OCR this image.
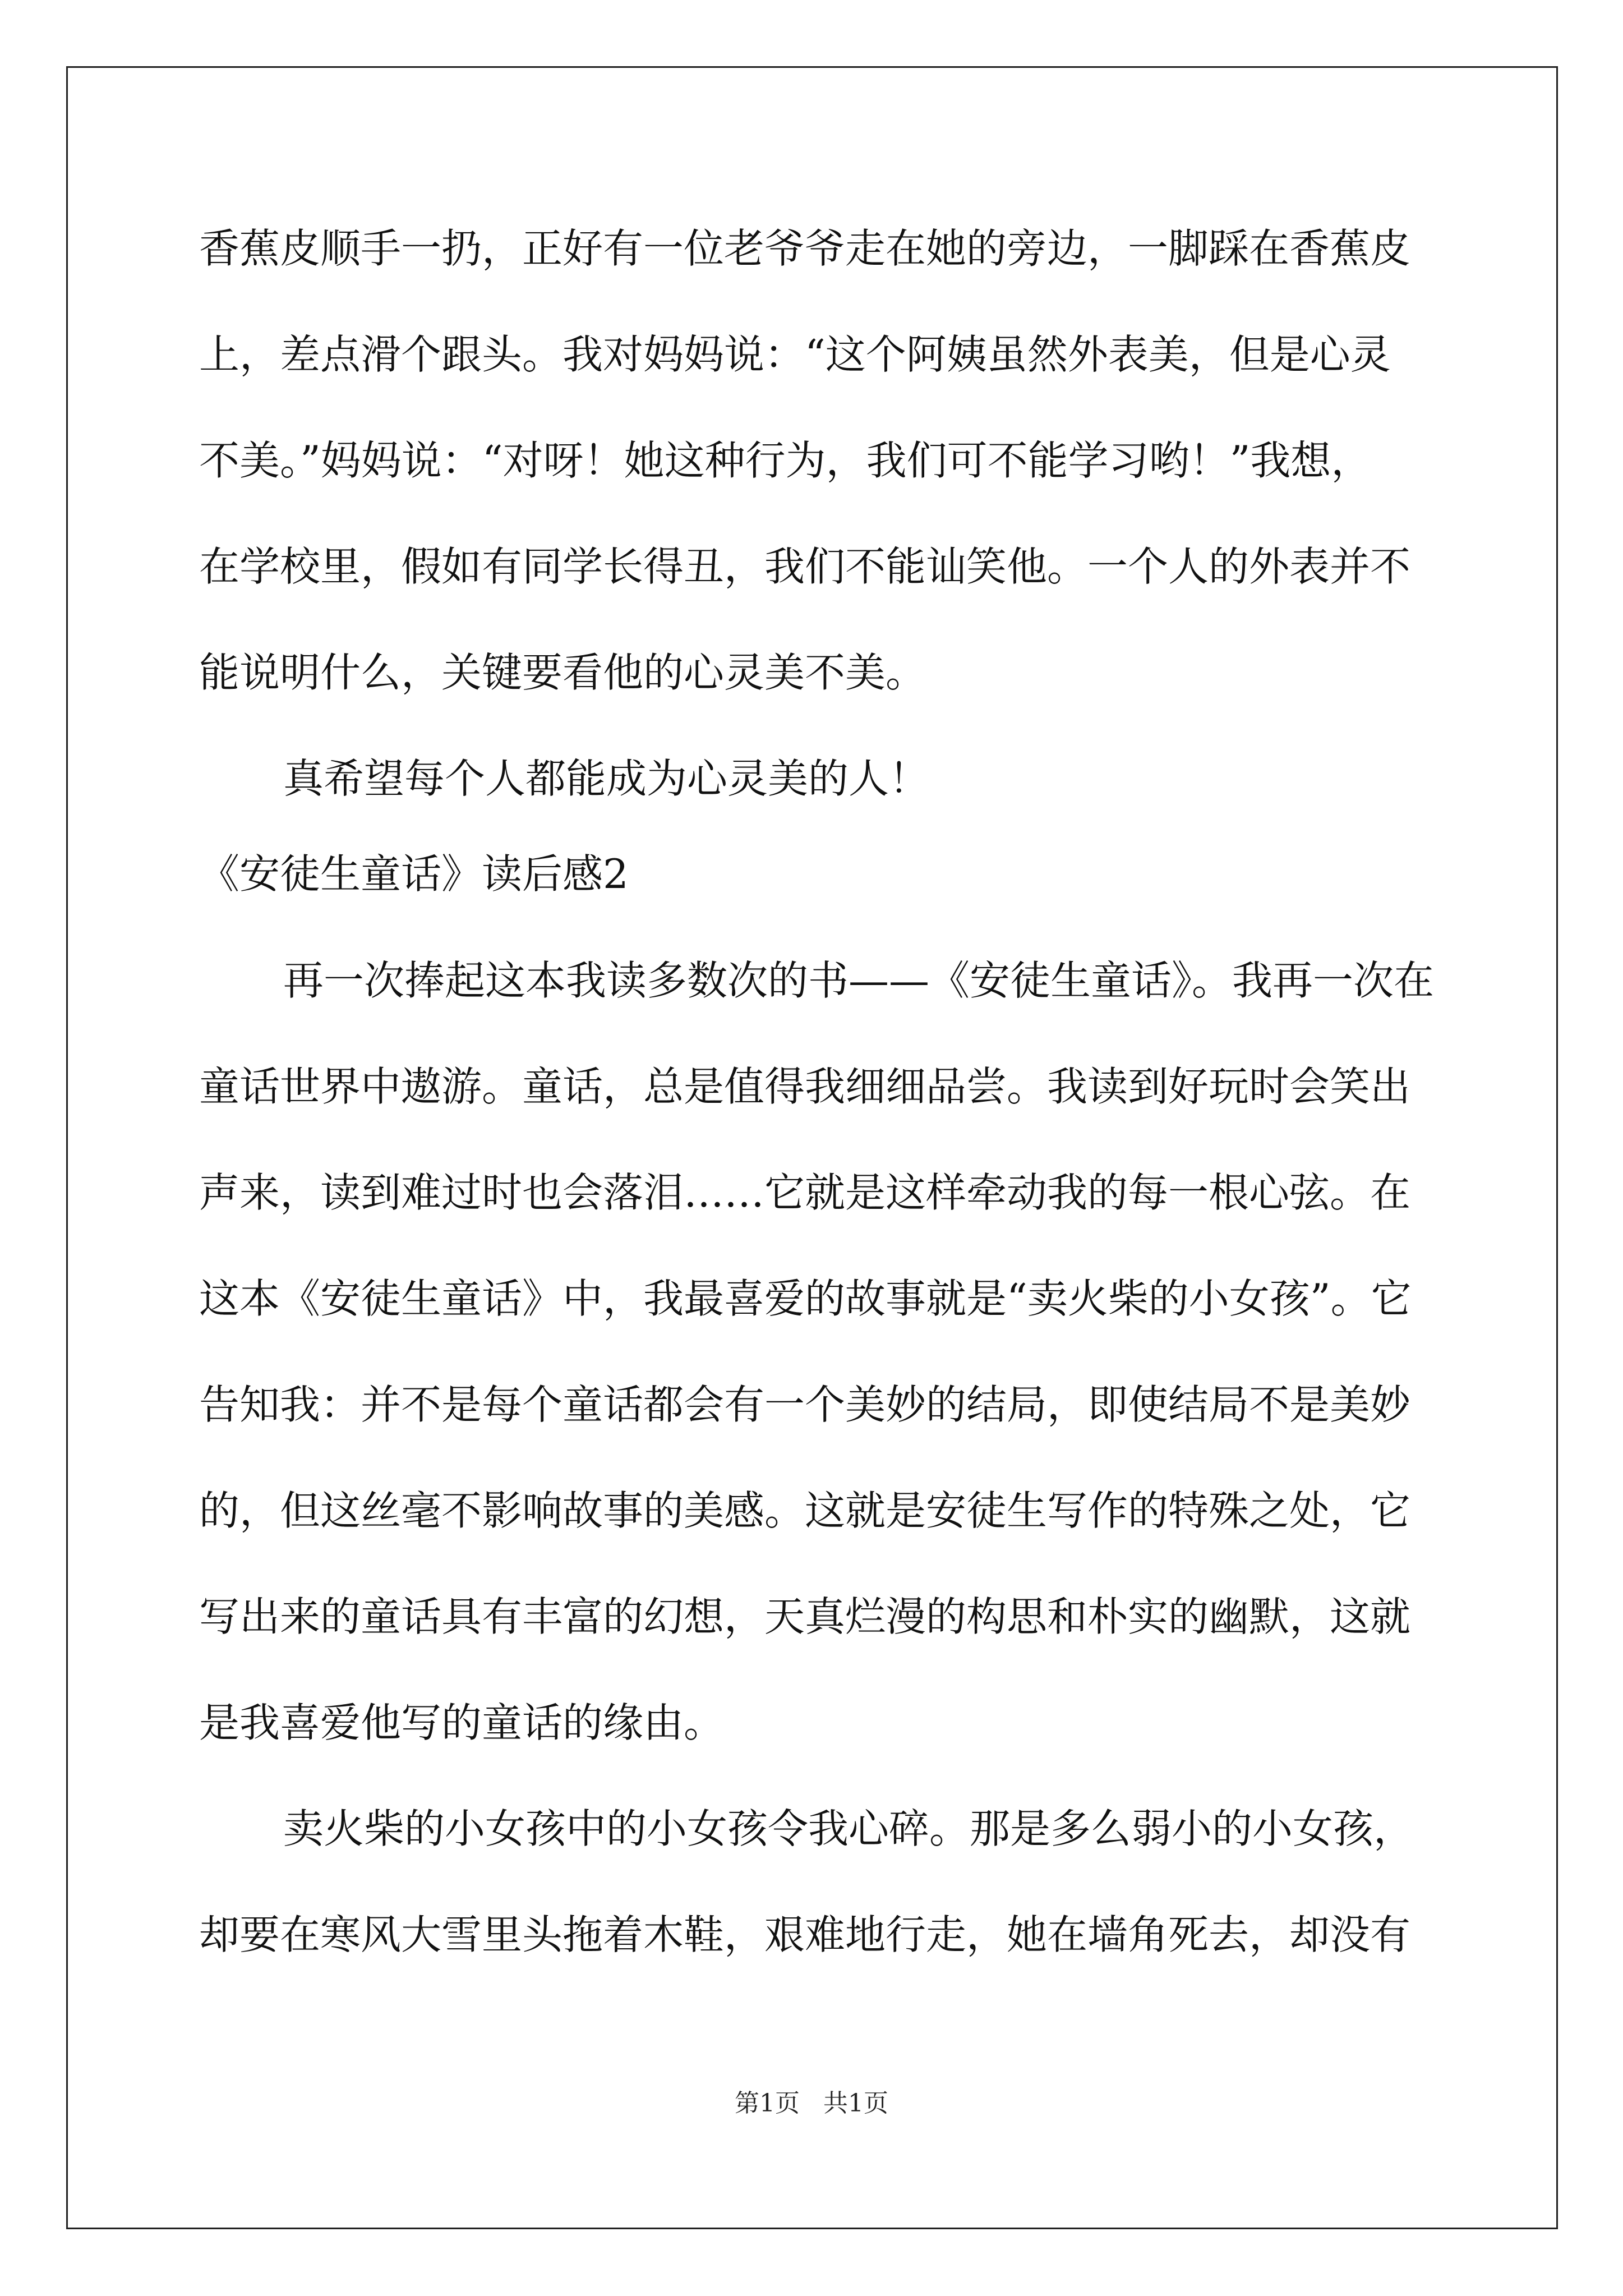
香蕉皮顺手一扔，正好有一位老爷爷走在她的旁边，一脚踩在香蕉皮
上，差点滑个跟头。我对妈妈说：“这个阿姨虽然外表美，但是心灵
不美。”妈妈说：“对呀！她这种行为，我们可不能学习哟！”我想，
在学校里，假如有同学长得丑，我们不能讪笑他。一个人的外表并不
能说明什么，关键要看他的心灵美不美。
真希望每个人都能成为心灵美的人！
《安徒生童话》读后感2
再一次捧起这本我读多数次的书——《安徒生童话》。我再一次在
童话世界中遨游。童话，总是值得我细细品尝。我读到好玩时会笑出
声来，读到难过时也会落泪……它就是这样牵动我的每一根心弦。在
这本《安徒生童话》中，我最喜爱的故事就是“卖火柴的小女孩”。它
告知我：并不是每个童话都会有一个美妙的结局，即使结局不是美妙
的，但这丝毫不影响故事的美感。这就是安徒生写作的特殊之处，它
写出来的童话具有丰富的幻想，天真烂漫的构思和朴实的幽默，这就
是我喜爱他写的童话的缘由。
卖火柴的小女孩中的小女孩令我心碎。那是多么弱小的小女孩，
却要在寒风大雪里头拖着木鞋，艰难地行走，她在墙角死去，却没有
第1页   共1页
